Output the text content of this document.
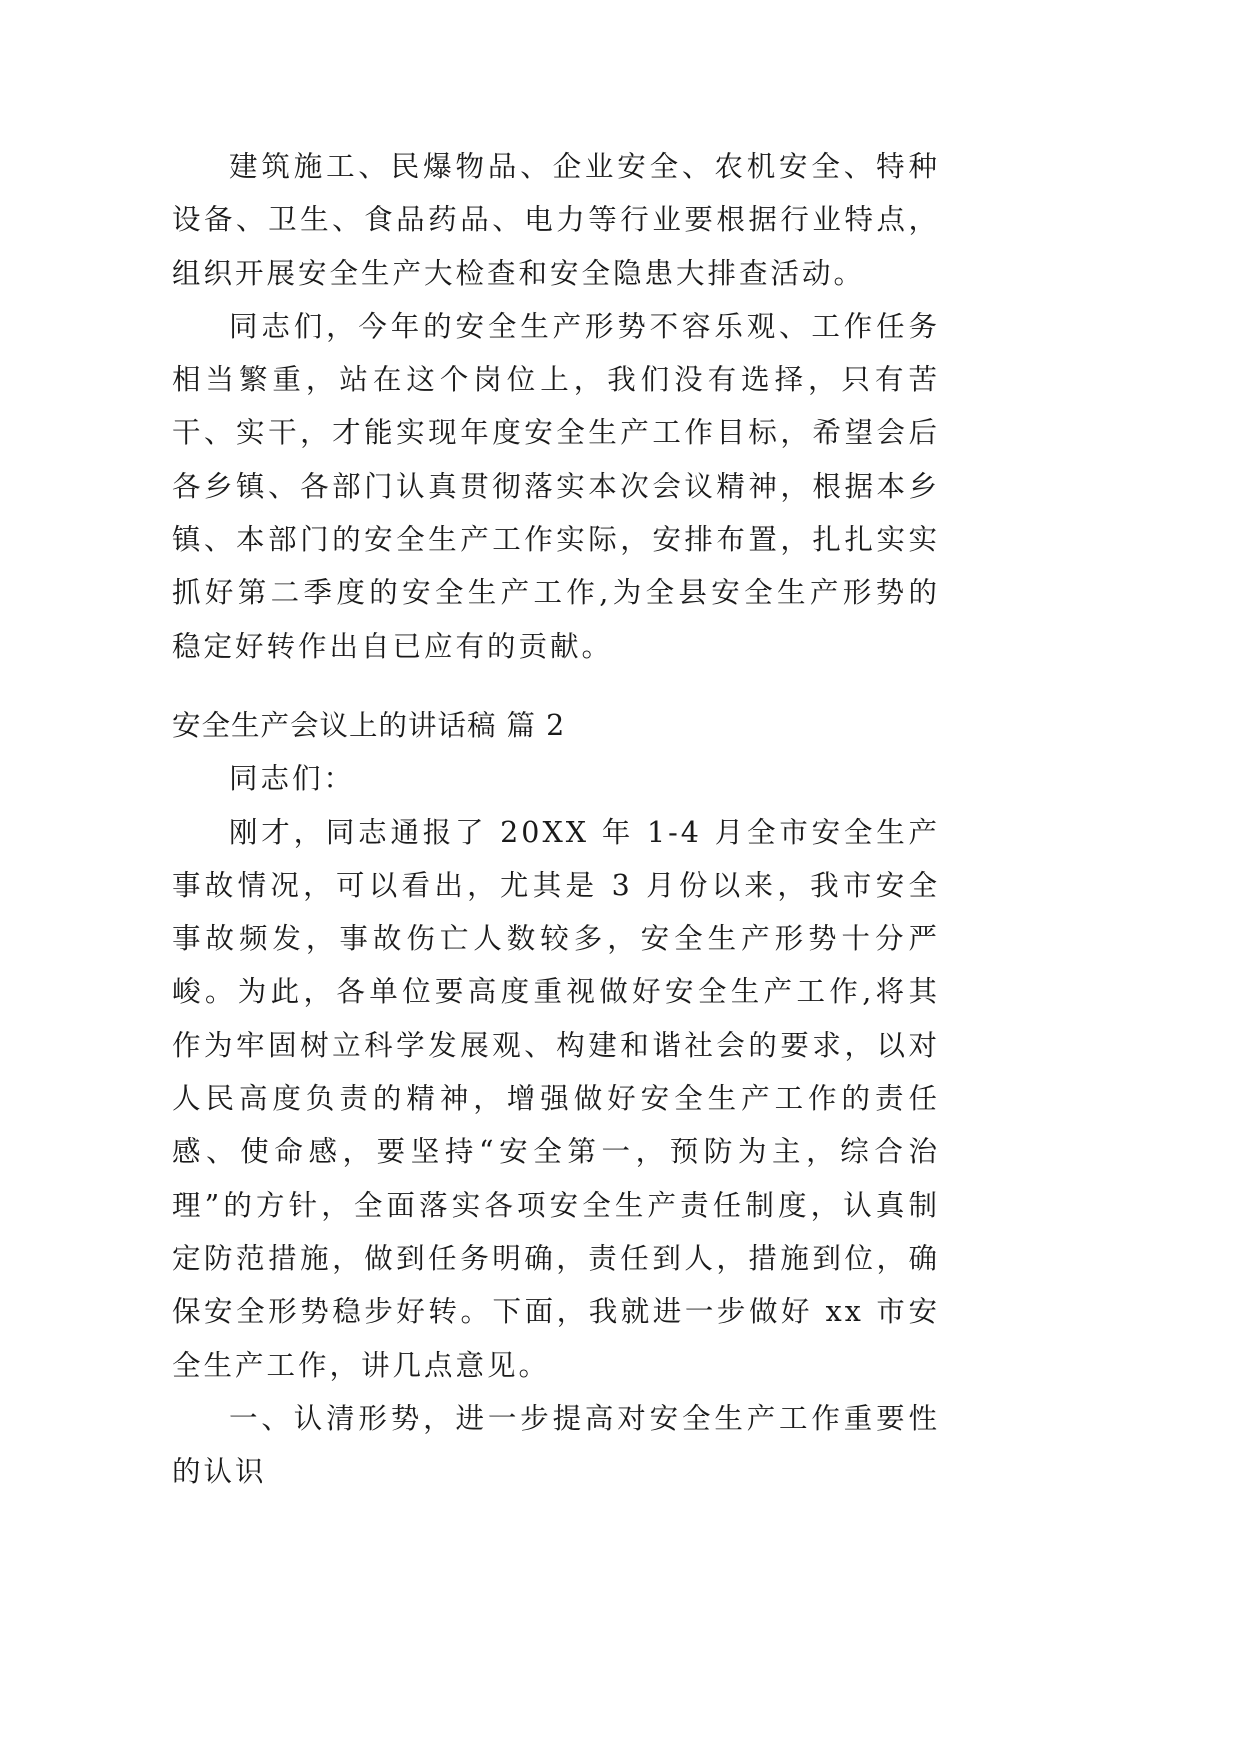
建筑施工、民爆物品、企业安全、农机安全、特种设备、卫生、食品药品、电力等行业要根据行业特点，组织开展安全生产大检查和安全隐患大排查活动。

同志们，今年的安全生产形势不容乐观、工作任务相当繁重，站在这个岗位上，我们没有选择，只有苦干、实干，才能实现年度安全生产工作目标，希望会后各乡镇、各部门认真贯彻落实本次会议精神，根据本乡镇、本部门的安全生产工作实际，安排布置，扎扎实实抓好第二季度的安全生产工作,为全县安全生产形势的稳定好转作出自已应有的贡献。

安全生产会议上的讲话稿 篇 2

同志们：

刚才，同志通报了 20XX 年 1-4 月全市安全生产事故情况，可以看出，尤其是 3 月份以来，我市安全事故频发，事故伤亡人数较多，安全生产形势十分严峻。为此，各单位要高度重视做好安全生产工作,将其作为牢固树立科学发展观、构建和谐社会的要求，以对人民高度负责的精神，增强做好安全生产工作的责任感、使命感，要坚持“安全第一，预防为主，综合治理”的方针，全面落实各项安全生产责任制度，认真制定防范措施，做到任务明确，责任到人，措施到位，确保安全形势稳步好转。下面，我就进一步做好 xx 市安全生产工作，讲几点意见。

一、认清形势，进一步提高对安全生产工作重要性的认识
